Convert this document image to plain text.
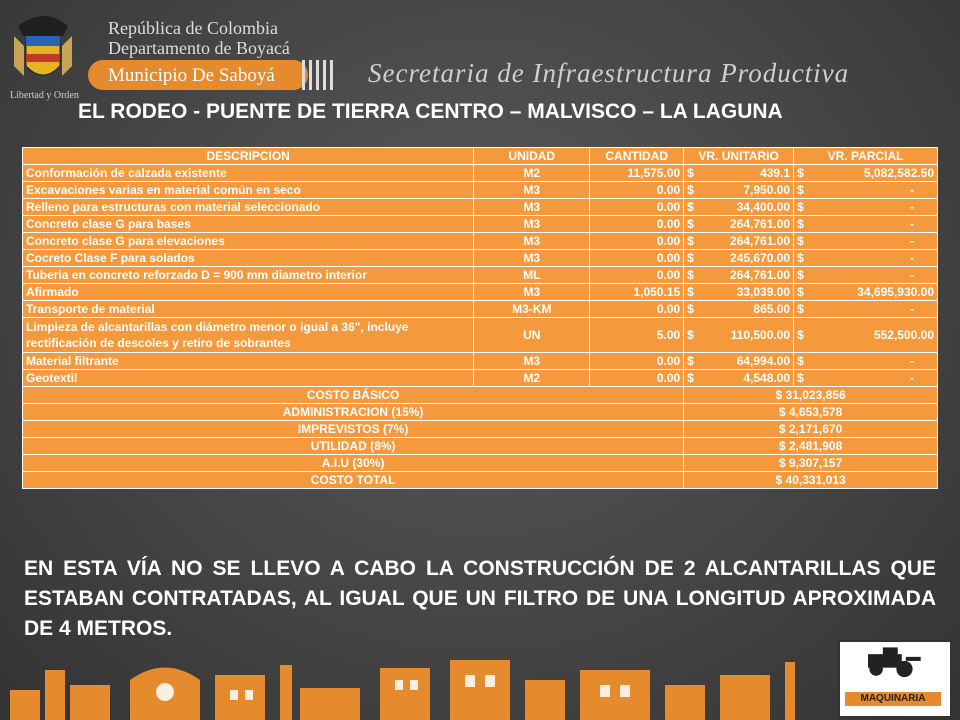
República de Colombia
Departamento de Boyacá
Municipio De Saboyá	Secretaria de Infraestructura Productiva
Libertad y Orden
EL RODEO - PUENTE DE TIERRA CENTRO – MALVISCO – LA LAGUNA
DESCRIPCION	UNIDAD	CANTIDAD	VR. UNITARIO	VR. PARCIAL
Conformación de calzada existente	M2	11,575.00	$ 439.1	$ 5,082,582.50

Excavaciones varias en material común en seco	M3	0.00	$ 7,950.00	$ -

Relleno para estructuras con material seleccionado	M3	0.00	$ 34,400.00	$ -

Concreto clase G para bases	M3	0.00	$ 264,761.00	$ -

Concreto clase G para elevaciones	M3	0.00	$ 264,761.00	$ -

Cocreto Clase F para solados	M3	0.00	$ 245,670.00	$ -

Tuberia en concreto reforzado D = 900 mm diametro interior	ML	0.00	$ 264,761.00	$ -

Afirmado	M3	1,050.15	$ 33,039.00	$ 34,695,930.00

Transporte de material	M3-KM	0.00	$ 865.00	$ -

Limpieza de alcantarillas con diámetro menor o igual a 36", incluye rectificación de descoles y retiro de sobrantes	UN	5.00	$ 110,500.00	$ 552,500.00

Material filtrante	M3	0.00	$ 64,994.00	$ -

Geotextil	M2	0.00	$ 4,548.00	$ -

COSTO BÁSICO			$ 31,023,856	
ADMINISTRACION (15%)			$ 4,653,578	
IMPREVISTOS (7%)			$ 2,171,670	
UTILIDAD (8%)			$ 2,481,908	
A.I.U (30%)			$ 9,307,157	
COSTO TOTAL			$ 40,331,013	
EN ESTA VÍA NO SE LLEVO A CABO LA CONSTRUCCIÓN DE 2 ALCANTARILLAS QUE ESTABAN CONTRATADAS, AL IGUAL QUE UN FILTRO DE UNA LONGITUD APROXIMADA DE 4 METROS.
MAQUINARIA
